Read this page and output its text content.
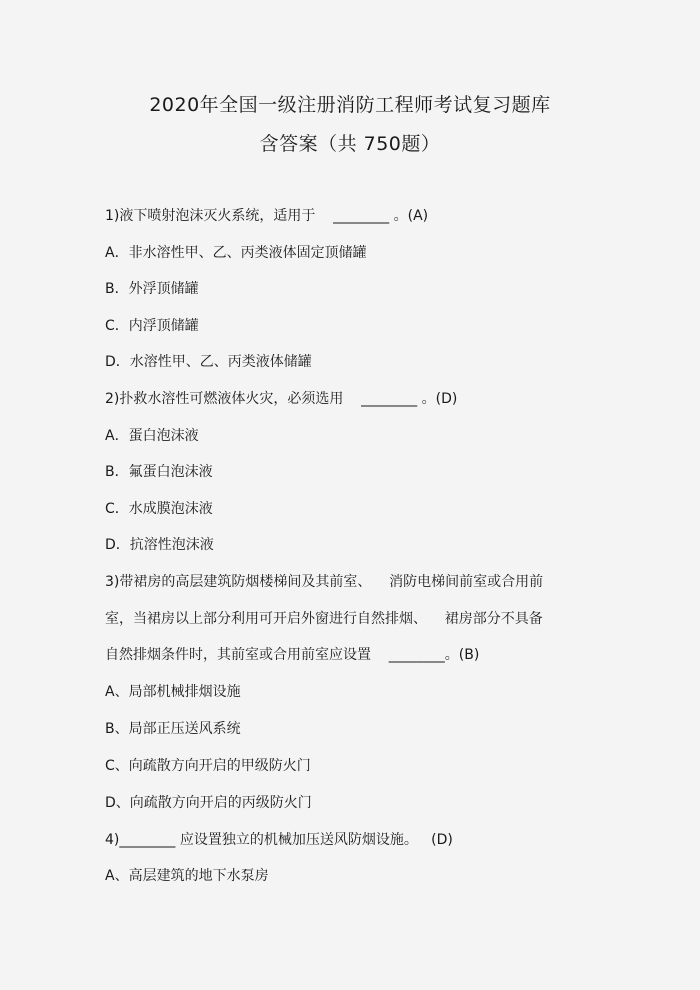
2020年全国一级注册消防工程师考试复习题库
含答案（共 750题）
1)液下喷射泡沫灭火系统，适用于    ________ 。(A)
A．非水溶性甲、乙、丙类液体固定顶储罐
B．外浮顶储罐
C．内浮顶储罐
D．水溶性甲、乙、丙类液体储罐
2)扑救水溶性可燃液体火灾，必须选用    ________ 。(D)
A．蛋白泡沫液
B．氟蛋白泡沫液
C．水成膜泡沫液
D．抗溶性泡沫液
3)带裙房的高层建筑防烟楼梯间及其前室、    消防电梯间前室或合用前
室，当裙房以上部分利用可开启外窗进行自然排烟、    裙房部分不具备
自然排烟条件时，其前室或合用前室应设置    ________。(B)
A、局部机械排烟设施
B、局部正压送风系统
C、向疏散方向开启的甲级防火门
D、向疏散方向开启的丙级防火门
4)________ 应设置独立的机械加压送风防烟设施。   (D)
A、高层建筑的地下水泵房
